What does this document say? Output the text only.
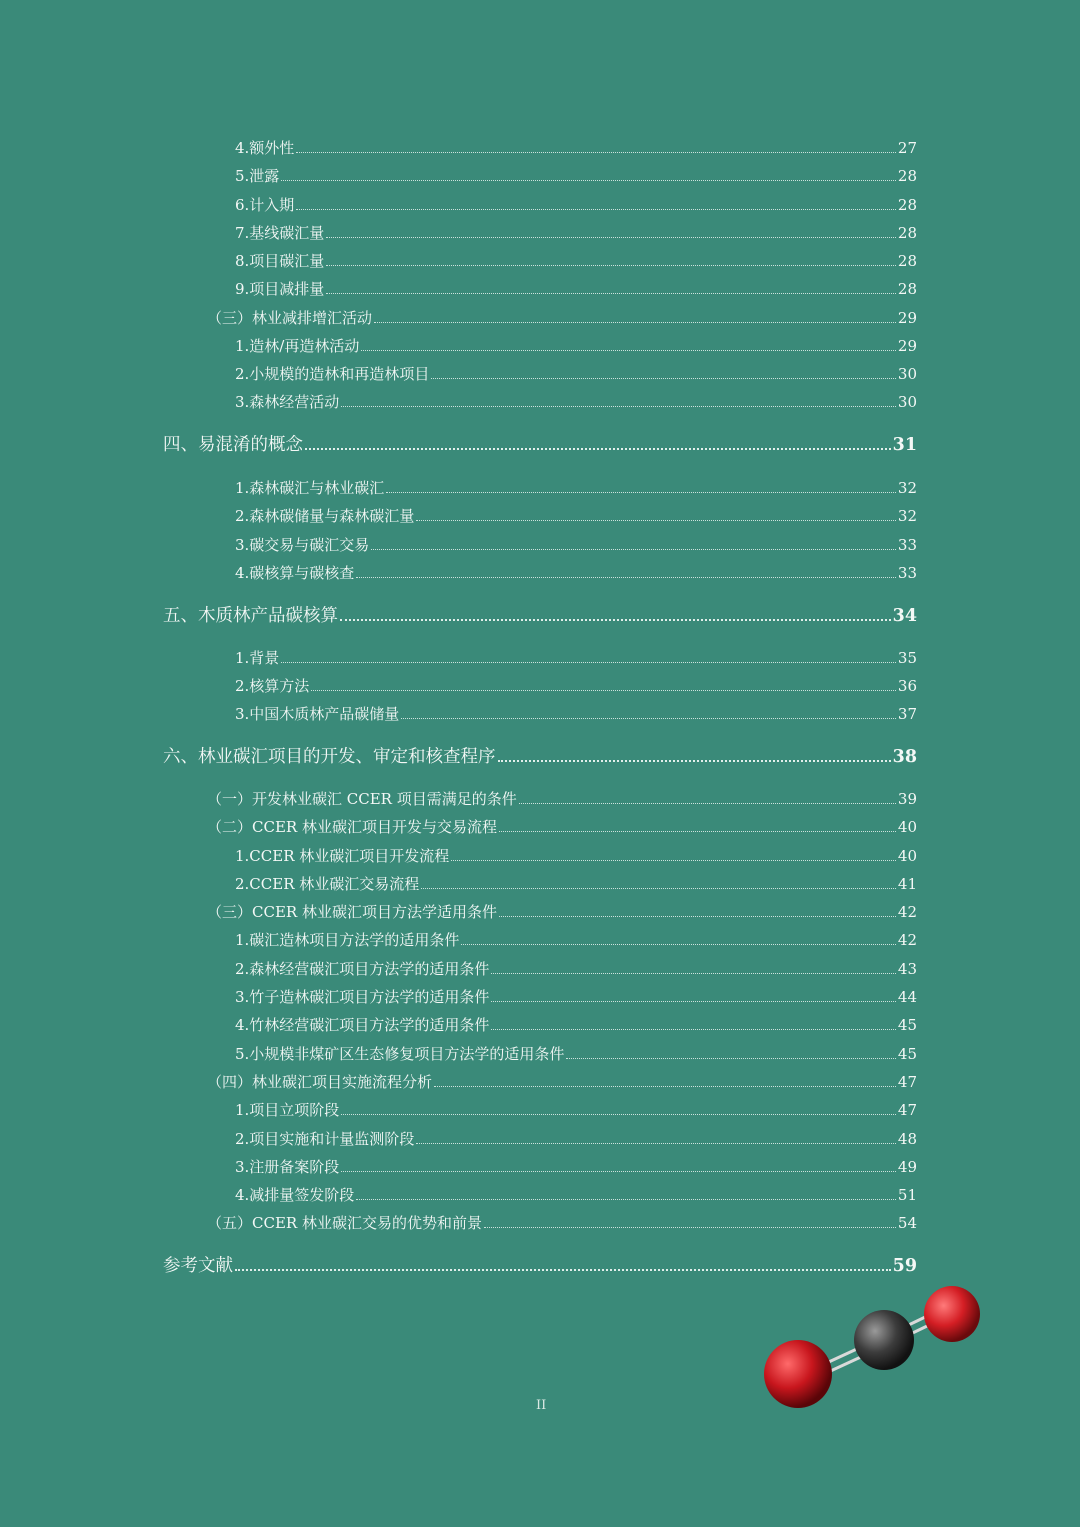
4.额外性	27
5.泄露	28
6.计入期	28
7.基线碳汇量	28
8.项目碳汇量	28
9.项目减排量	28
（三）林业减排增汇活动	29
1.造林/再造林活动	29
2.小规模的造林和再造林项目	30
3.森林经营活动	30
四、易混淆的概念	31
1.森林碳汇与林业碳汇	32
2.森林碳储量与森林碳汇量	32
3.碳交易与碳汇交易	33
4.碳核算与碳核查	33
五、木质林产品碳核算	34
1.背景	35
2.核算方法	36
3.中国木质林产品碳储量	37
六、林业碳汇项目的开发、审定和核查程序	38
（一）开发林业碳汇 CCER 项目需满足的条件	39
（二）CCER 林业碳汇项目开发与交易流程	40
1.CCER 林业碳汇项目开发流程	40
2.CCER 林业碳汇交易流程	41
（三）CCER 林业碳汇项目方法学适用条件	42
1.碳汇造林项目方法学的适用条件	42
2.森林经营碳汇项目方法学的适用条件	43
3.竹子造林碳汇项目方法学的适用条件	44
4.竹林经营碳汇项目方法学的适用条件	45
5.小规模非煤矿区生态修复项目方法学的适用条件	45
（四）林业碳汇项目实施流程分析	47
1.项目立项阶段	47
2.项目实施和计量监测阶段	48
3.注册备案阶段	49
4.减排量签发阶段	51
（五）CCER 林业碳汇交易的优势和前景	54
参考文献	59
II
